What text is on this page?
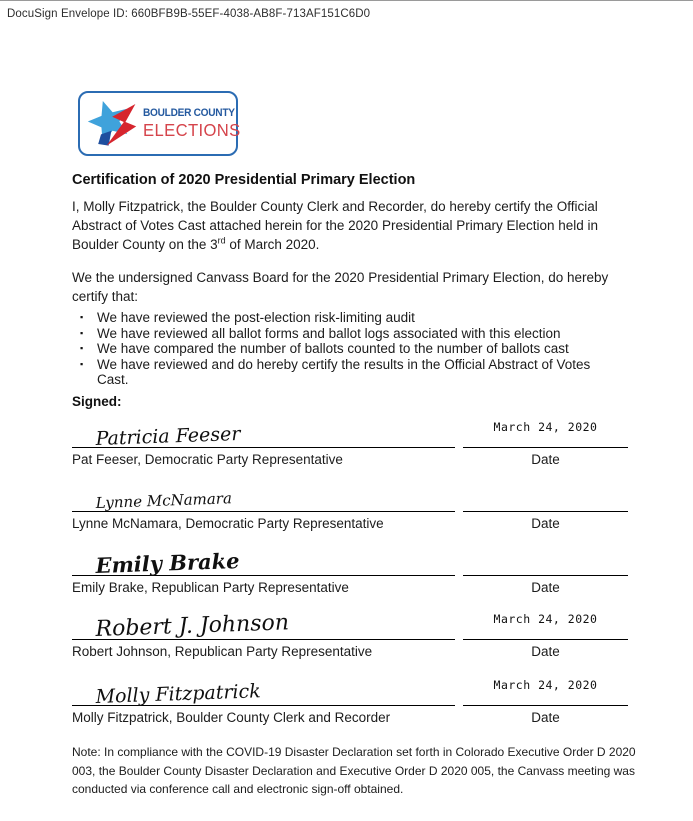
DocuSign Envelope ID: 660BFB9B-55EF-4038-AB8F-713AF151C6D0
BOULDER COUNTY
ELECTIONS
Certification of 2020 Presidential Primary Election

I, Molly Fitzpatrick, the Boulder County Clerk and Recorder, do hereby certify the Official Abstract of Votes Cast attached herein for the 2020 Presidential Primary Election held in Boulder County on the 3rd of March 2020.

We the undersigned Canvass Board for the 2020 Presidential Primary Election, do hereby certify that:

▪ We have reviewed the post-election risk-limiting audit
▪ We have reviewed all ballot forms and ballot logs associated with this election
▪ We have compared the number of ballots counted to the number of ballots cast
▪ We have reviewed and do hereby certify the results in the Official Abstract of Votes Cast.
Signed:
Patricia Feeser
Pat Feeser, Democratic Party Representative
March 24, 2020
Date
Lynne McNamara
Lynne McNamara, Democratic Party Representative	Date
Emily Brake
Emily Brake, Republican Party Representative	Date
Robert J. Johnson
Robert Johnson, Republican Party Representative
March 24, 2020
Date
Molly Fitzpatrick
Molly Fitzpatrick, Boulder County Clerk and Recorder
March 24, 2020
Date

Note: In compliance with the COVID-19 Disaster Declaration set forth in Colorado Executive Order D 2020 003, the Boulder County Disaster Declaration and Executive Order D 2020 005, the Canvass meeting was conducted via conference call and electronic sign-off obtained.
